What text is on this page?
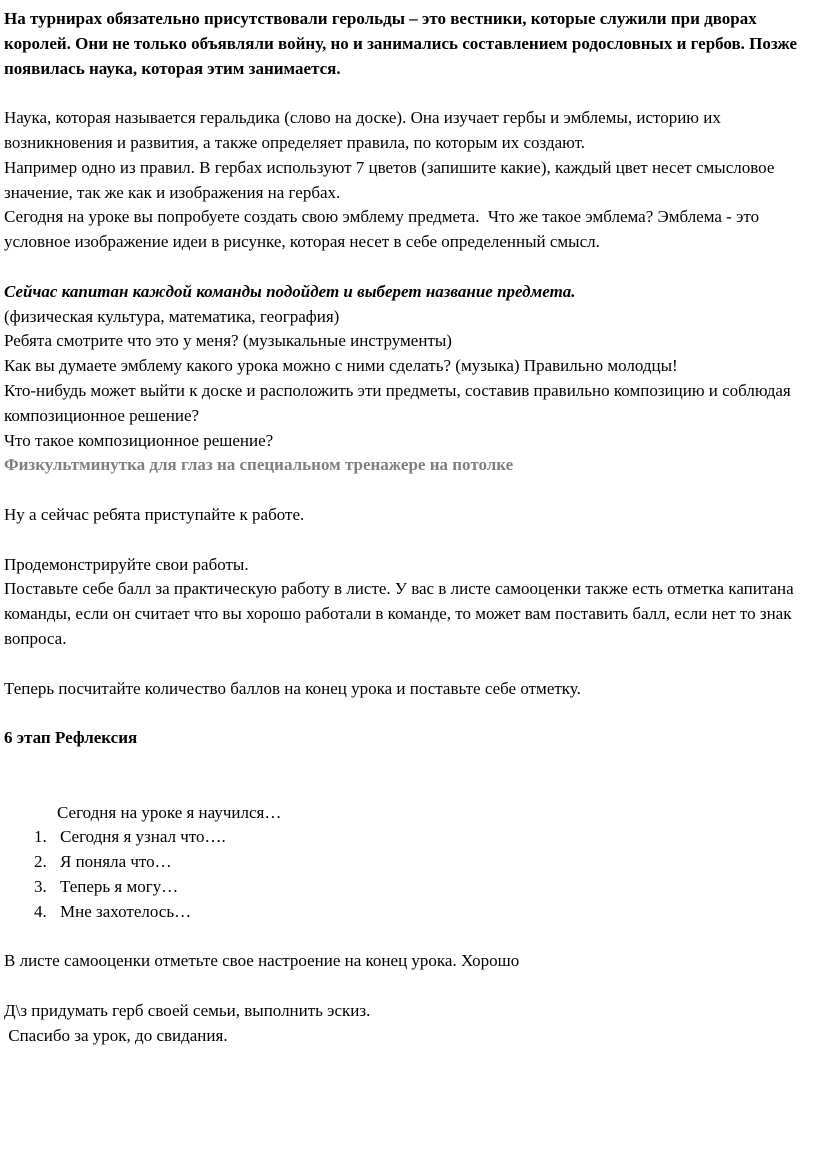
На турнирах обязательно присутствовали герольды – это вестники, которые служили при дворах королей. Они не только объявляли войну, но и занимались составлением родословных и гербов. Позже появилась наука, которая этим занимается.

Наука, которая называется геральдика (слово на доске). Она изучает гербы и эмблемы, историю их возникновения и развития, а также определяет правила, по которым их создают.
Например одно из правил. В гербах используют 7 цветов (запишите какие), каждый цвет несет смысловое значение, так же как и изображения на гербах.
Сегодня на уроке вы попробуете создать свою эмблему предмета.  Что же такое эмблема? Эмблема - это условное изображение идеи в рисунке, которая несет в себе определенный смысл.

Сейчас капитан каждой команды подойдет и выберет название предмета.
(физическая культура, математика, география)
Ребята смотрите что это у меня? (музыкальные инструменты)
Как вы думаете эмблему какого урока можно с ними сделать? (музыка) Правильно молодцы!
Кто-нибудь может выйти к доске и расположить эти предметы, составив правильно композицию и соблюдая композиционное решение?
Что такое композиционное решение?
Физкультминутка для глаз на специальном тренажере на потолке

Ну а сейчас ребята приступайте к работе.

Продемонстрируйте свои работы.
Поставьте себе балл за практическую работу в листе. У вас в листе самооценки также есть отметка капитана команды, если он считает что вы хорошо работали в команде, то может вам поставить балл, если нет то знак вопроса.

Теперь посчитайте количество баллов на конец урока и поставьте себе отметку.

6 этап Рефлексия

Сегодня на уроке я научился…
1. Сегодня я узнал что….
2. Я поняла что…
3. Теперь я могу…
4. Мне захотелось…

В листе самооценки отметьте свое настроение на конец урока. Хорошо

Д\з придумать герб своей семьи, выполнить эскиз.
Спасибо за урок, до свидания.
